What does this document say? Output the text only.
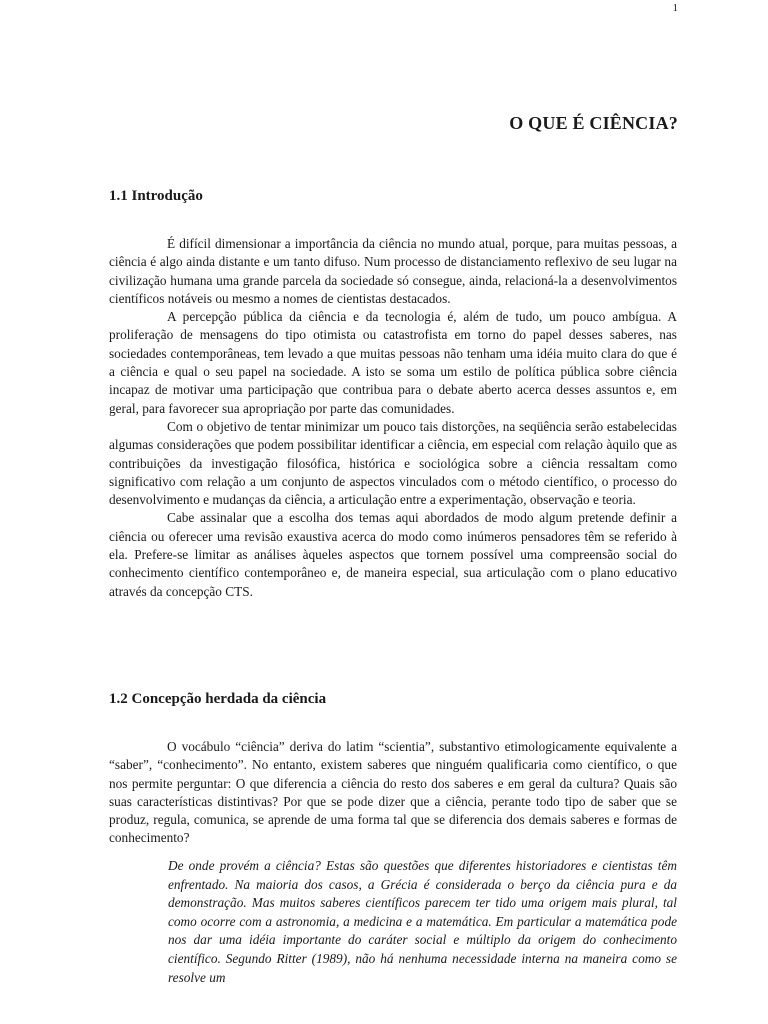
1
O QUE É CIÊNCIA?
1.1 Introdução

É difícil dimensionar a importância da ciência no mundo atual, porque, para muitas pessoas, a ciência é algo ainda distante e um tanto difuso. Num processo de distanciamento reflexivo de seu lugar na civilização humana uma grande parcela da sociedade só consegue, ainda, relacioná-la a desenvolvimentos científicos notáveis ou mesmo a nomes de cientistas destacados.

A percepção pública da ciência e da tecnologia é, além de tudo, um pouco ambígua. A proliferação de mensagens do tipo otimista ou catastrofista em torno do papel desses saberes, nas sociedades contemporâneas, tem levado a que muitas pessoas não tenham uma idéia muito clara do que é a ciência e qual o seu papel na sociedade. A isto se soma um estilo de política pública sobre ciência incapaz de motivar uma participação que contribua para o debate aberto acerca desses assuntos e, em geral, para favorecer sua apropriação por parte das comunidades.

Com o objetivo de tentar minimizar um pouco tais distorções, na seqüência serão estabelecidas algumas considerações que podem possibilitar identificar a ciência, em especial com relação àquilo que as contribuições da investigação filosófica, histórica e sociológica sobre a ciência ressaltam como significativo com relação a um conjunto de aspectos vinculados com o método científico, o processo do desenvolvimento e mudanças da ciência, a articulação entre a experimentação, observação e teoria.

Cabe assinalar que a escolha dos temas aqui abordados de modo algum pretende definir a ciência ou oferecer uma revisão exaustiva acerca do modo como inúmeros pensadores têm se referido à ela. Prefere-se limitar as análises àqueles aspectos que tornem possível uma compreensão social do conhecimento científico contemporâneo e, de maneira especial, sua articulação com o plano educativo através da concepção CTS.

1.2 Concepção herdada da ciência

O vocábulo “ciência” deriva do latim “scientia”, substantivo etimologicamente equivalente a “saber”, “conhecimento”. No entanto, existem saberes que ninguém qualificaria como científico, o que nos permite perguntar: O que diferencia a ciência do resto dos saberes e em geral da cultura? Quais são suas características distintivas? Por que se pode dizer que a ciência, perante todo tipo de saber que se produz, regula, comunica, se aprende de uma forma tal que se diferencia dos demais saberes e formas de conhecimento?

De onde provém a ciência? Estas são questões que diferentes historiadores e cientistas têm enfrentado. Na maioria dos casos, a Grécia é considerada o berço da ciência pura e da demonstração. Mas muitos saberes científicos parecem ter tido uma origem mais plural, tal como ocorre com a astronomia, a medicina e a matemática. Em particular a matemática pode nos dar uma idéia importante do caráter social e múltiplo da origem do conhecimento científico. Segundo Ritter (1989), não há nenhuma necessidade interna na maneira como se resolve um
